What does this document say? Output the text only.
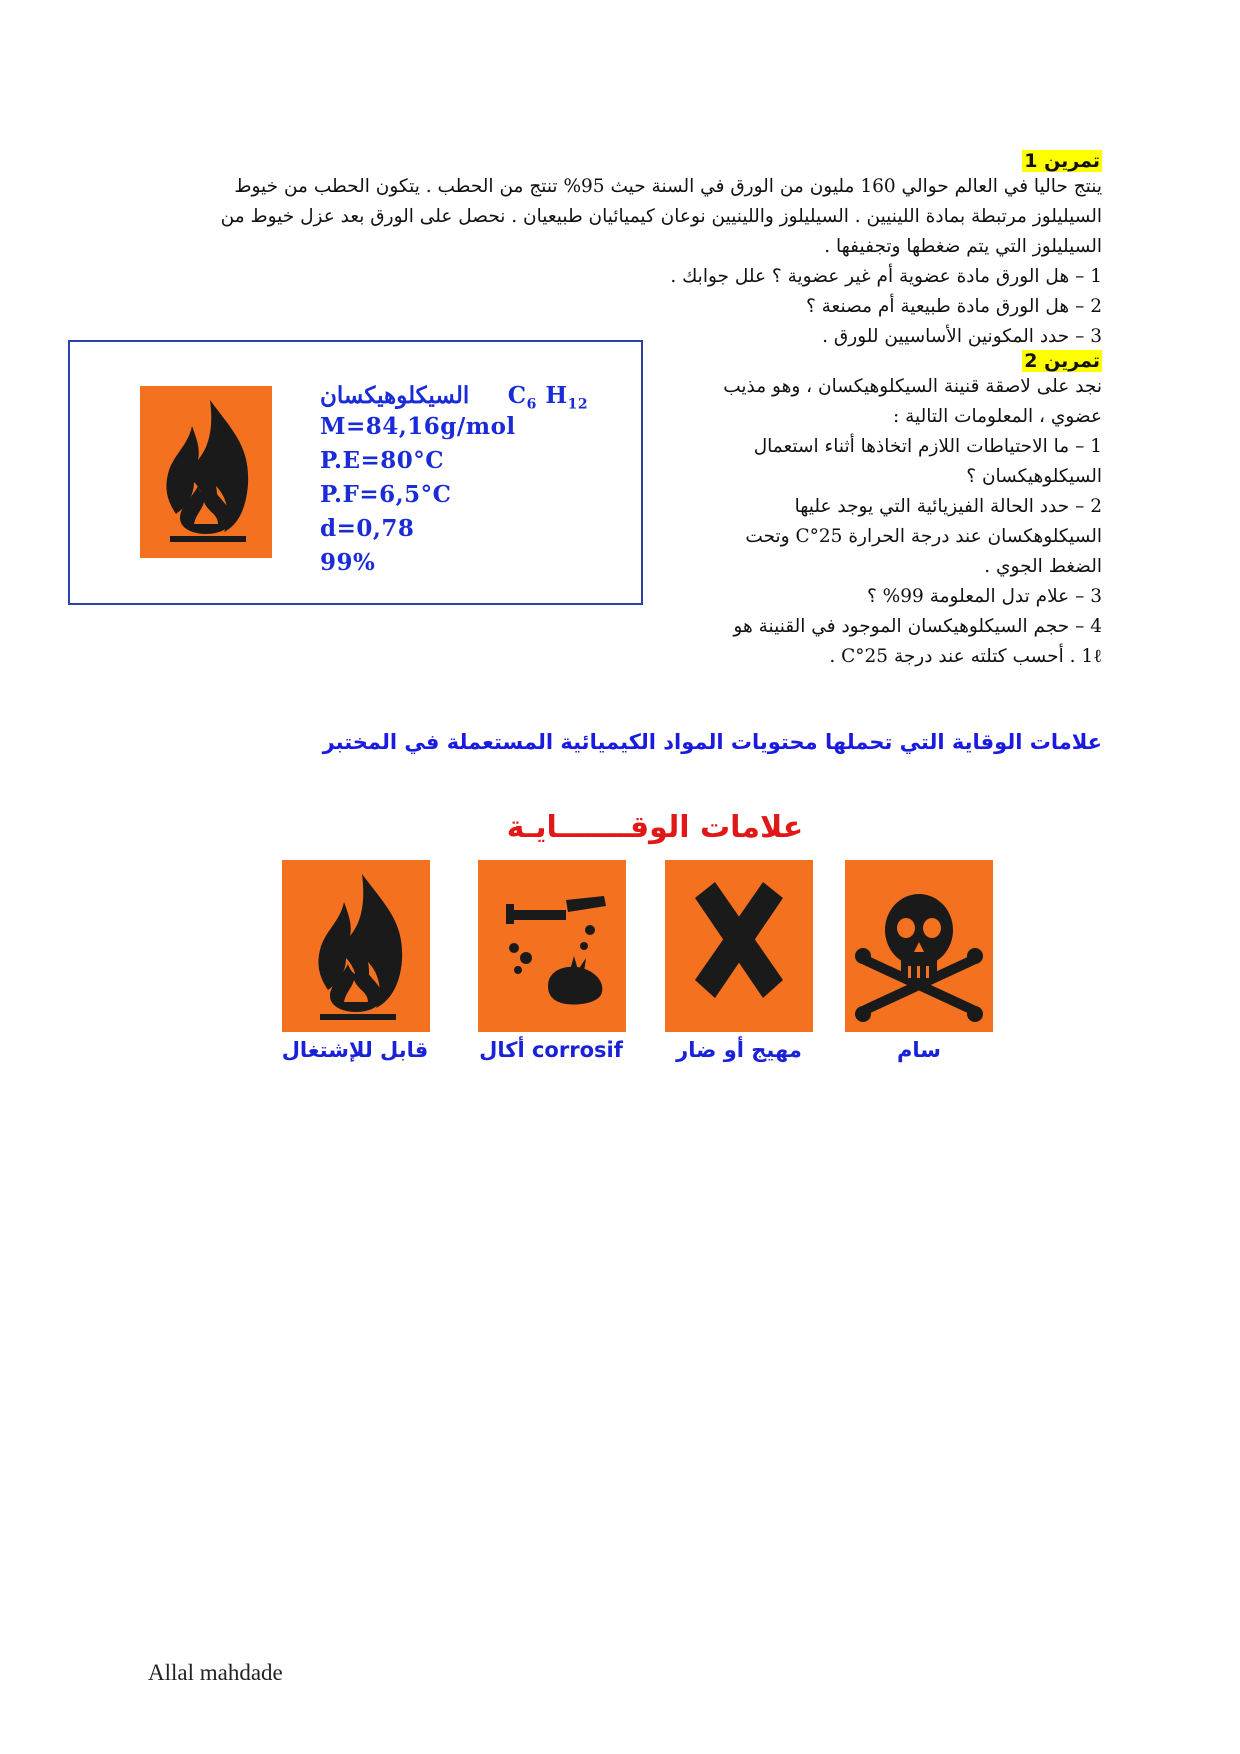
تمرين 1
ينتج حاليا في العالم حوالي 160 مليون من الورق في السنة حيث 95% تنتج من الحطب . يتكون الحطب من خيوط
السيليلوز مرتبطة بمادة اللينيين . السيليلوز واللينيين نوعان كيميائيان طبيعيان . نحصل على الورق بعد عزل خيوط من
السيليلوز التي يتم ضغطها وتجفيفها .
1 – هل الورق مادة عضوية أم غير عضوية ؟ علل جوابك .
2 – هل الورق مادة طبيعية أم مصنعة ؟
3 – حدد المكونين الأساسيين للورق .
تمرين 2
نجد على لاصقة قنينة السيكلوهيكسان ، وهو مذيب
عضوي ، المعلومات التالية :
1 – ما الاحتياطات اللازم اتخاذها أثناء استعمال
السيكلوهيكسان ؟
2 – حدد الحالة الفيزيائية التي يوجد عليها
السيكلوهكسان عند درجة الحرارة 25°C وتحت
الضغط الجوي .
3 – علام تدل المعلومة 99% ؟
4 – حجم السيكلوهيكسان الموجود في القنينة هو
1ℓ . أحسب كتلته عند درجة 25°C .
$C_6$ $H_{12}$  السيكلوهيكسان
M=84,16g/mol
P.E=80°C
P.F=6,5°C
d=0,78
99%
علامات الوقاية التي تحملها محتويات المواد الكيميائية المستعملة في المختبر
علامات الوقـــــــايـة
قابل للإشتغال	أكال corrosif	مهيج أو ضار	سام
Allal mahdade
